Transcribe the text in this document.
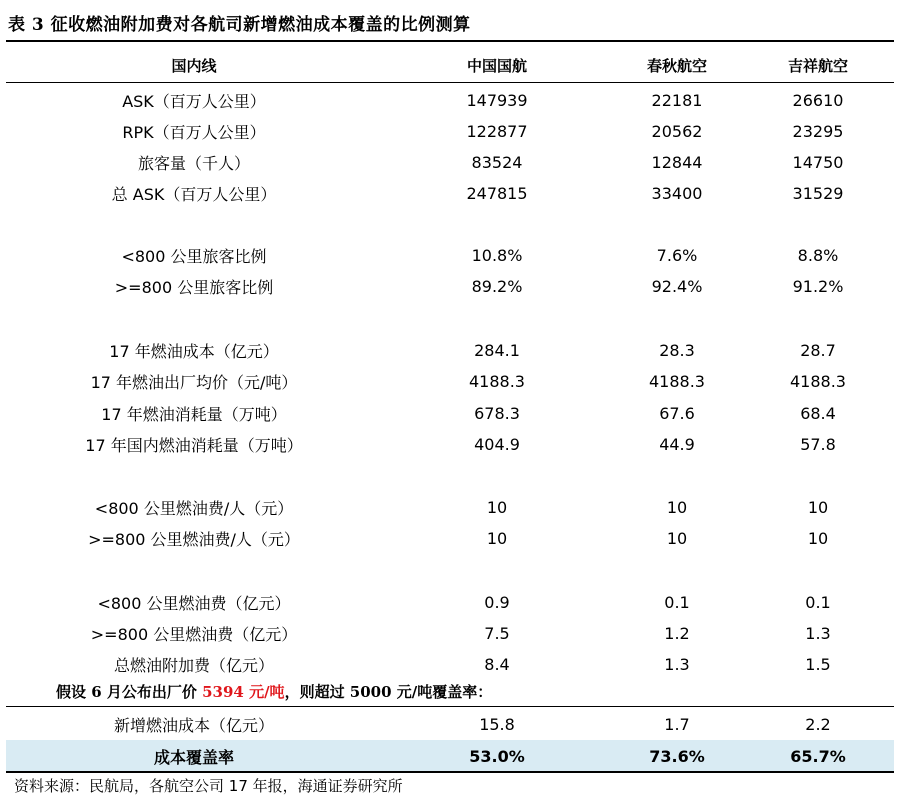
表 3 征收燃油附加费对各航司新增燃油成本覆盖的比例测算
国内线	中国国航	春秋航空	吉祥航空
ASK（百万人公里）	147939	22181	26610
RPK（百万人公里）	122877	20562	23295
旅客量（千人）	83524	12844	14750
总 ASK（百万人公里）	247815	33400	31529
<800 公里旅客比例	10.8%	7.6%	8.8%
>=800 公里旅客比例	89.2%	92.4%	91.2%
17 年燃油成本（亿元）	284.1	28.3	28.7
17 年燃油出厂均价（元/吨）	4188.3	4188.3	4188.3
17 年燃油消耗量（万吨）	678.3	67.6	68.4
17 年国内燃油消耗量（万吨）	404.9	44.9	57.8
<800 公里燃油费/人（元）	10	10	10
>=800 公里燃油费/人（元）	10	10	10
<800 公里燃油费（亿元）	0.9	0.1	0.1
>=800 公里燃油费（亿元）	7.5	1.2	1.3
总燃油附加费（亿元）	8.4	1.3	1.5
假设 6 月公布出厂价 5394 元/吨，则超过 5000 元/吨覆盖率：
新增燃油成本（亿元）	15.8	1.7	2.2
成本覆盖率	53.0%	73.6%	65.7%
资料来源：民航局，各航空公司 17 年报，海通证券研究所
